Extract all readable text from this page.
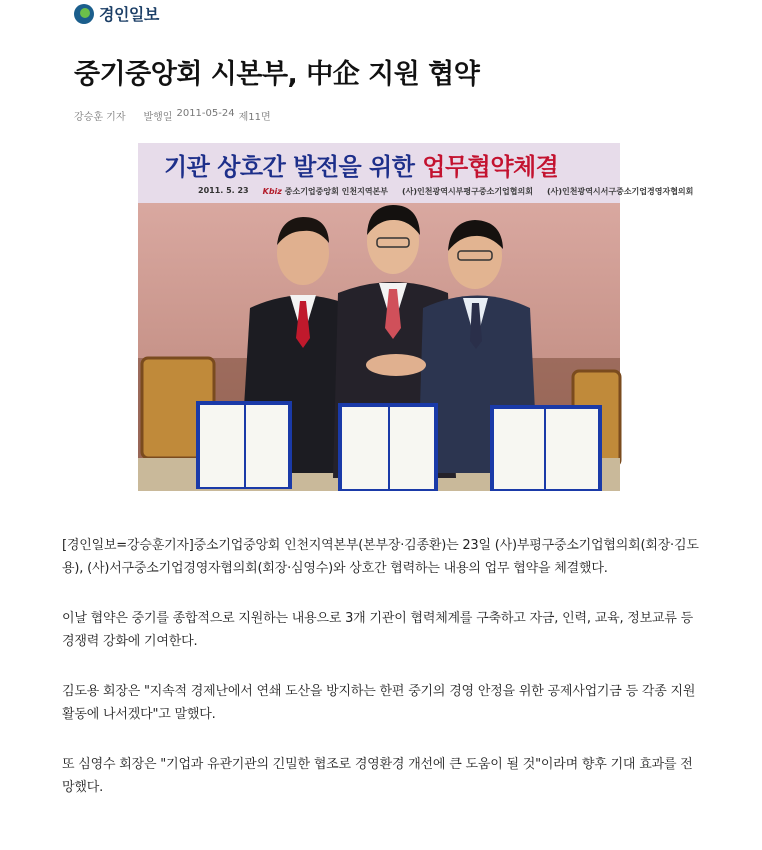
경인일보
중기중앙회 시본부, 中企 지원 협약
강승훈 기자 발행일 2011-05-24 제11면
기관 상호간 발전을 위한 업무협약체결
2011. 5. 23 Kbiz 중소기업중앙회 인천지역본부 (사)인천광역시부평구중소기업협의회 (사)인천광역시서구중소기업경영자협의회

[경인일보=강승훈기자]중소기업중앙회 인천지역본부(본부장·김종환)는 23일 (사)부평구중소기업협의회(회장·김도용), (사)서구중소기업경영자협의회(회장·심영수)와 상호간 협력하는 내용의 업무 협약을 체결했다.

이날 협약은 중기를 종합적으로 지원하는 내용으로 3개 기관이 협력체계를 구축하고 자금, 인력, 교육, 정보교류 등 경쟁력 강화에 기여한다.

김도용 회장은 "지속적 경제난에서 연쇄 도산을 방지하는 한편 중기의 경영 안정을 위한 공제사업기금 등 각종 지원활동에 나서겠다"고 말했다.

또 심영수 회장은 "기업과 유관기관의 긴밀한 협조로 경영환경 개선에 큰 도움이 될 것"이라며 향후 기대 효과를 전망했다.
